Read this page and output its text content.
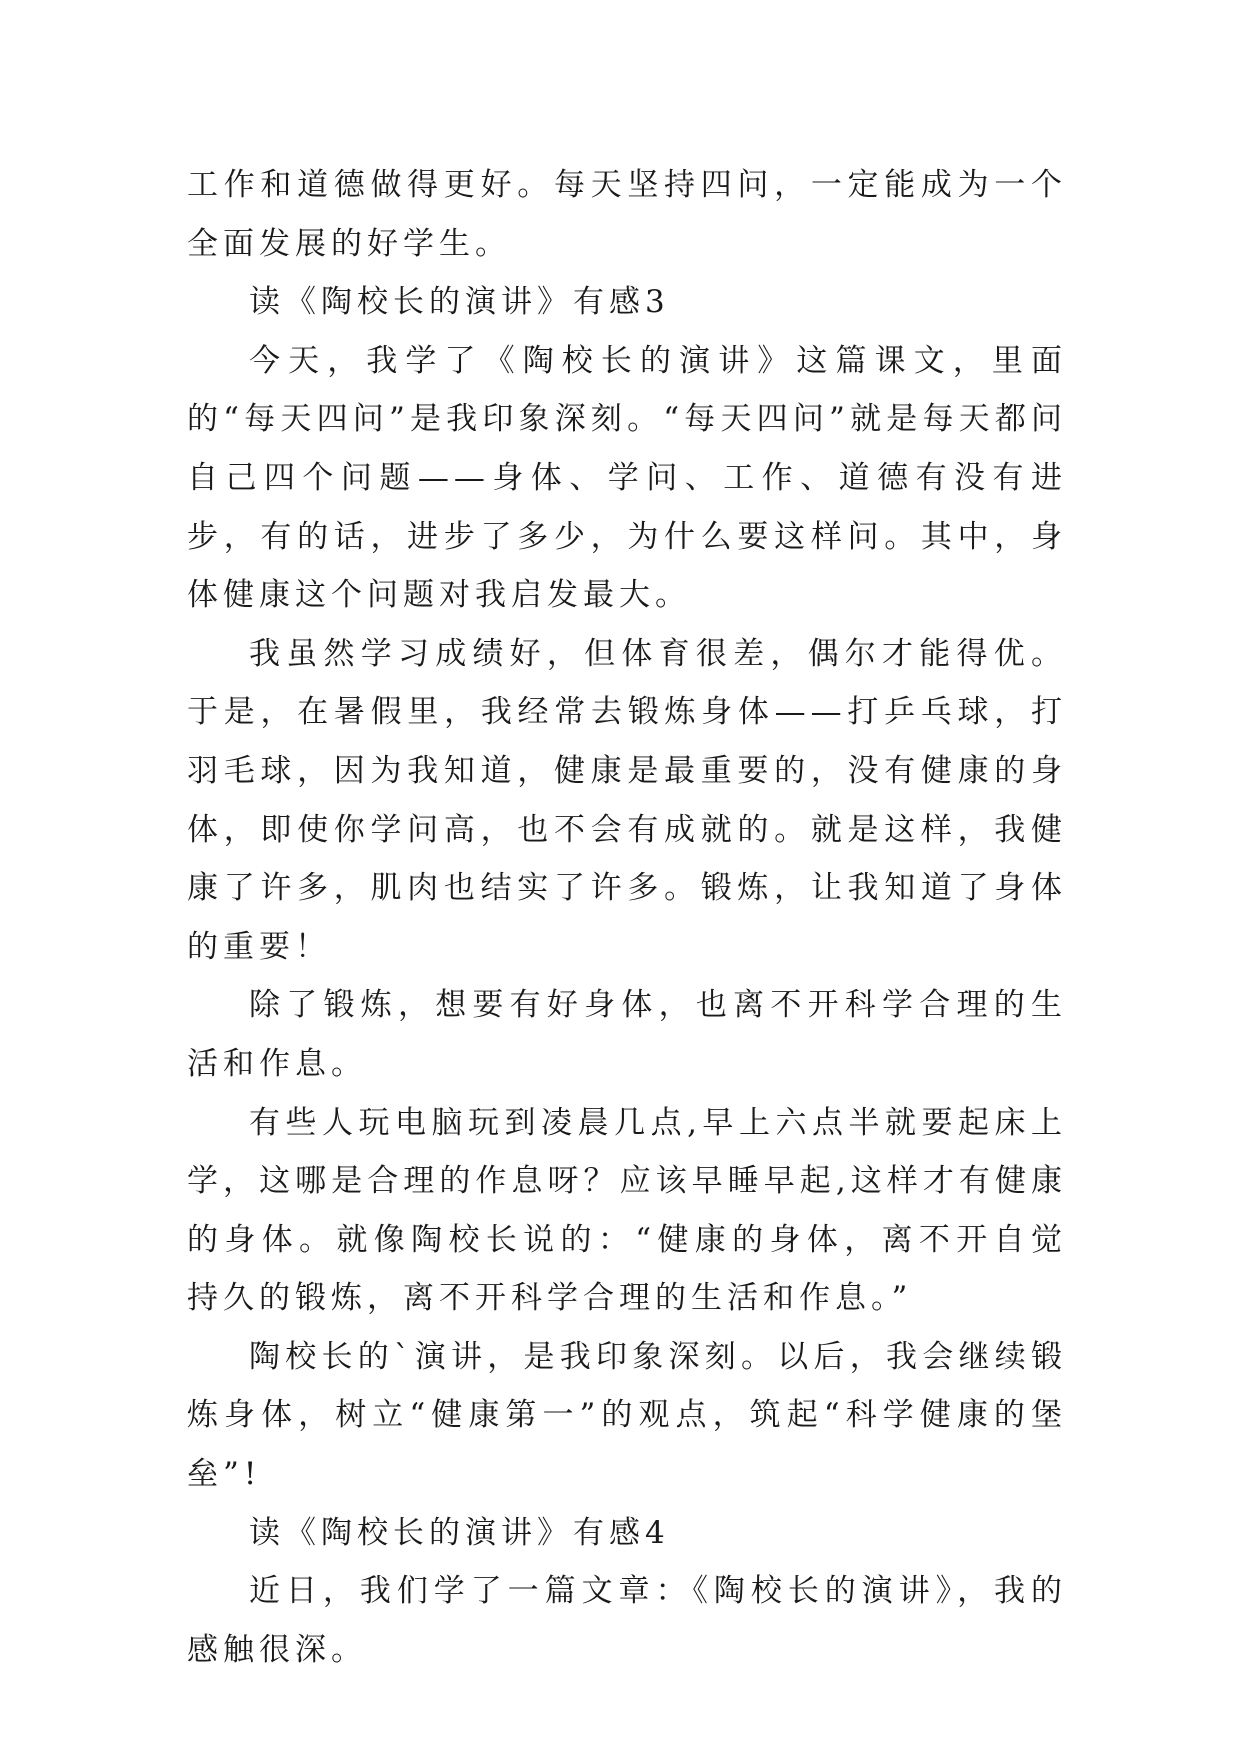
工作和道德做得更好。每天坚持四问，一定能成为一个全面发展的好学生。

读《陶校长的演讲》有感3

今天，我学了《陶校长的演讲》这篇课文，里面的“每天四问”是我印象深刻。“每天四问”就是每天都问自己四个问题——身体、学问、工作、道德有没有进步，有的话，进步了多少，为什么要这样问。其中，身体健康这个问题对我启发最大。

我虽然学习成绩好，但体育很差，偶尔才能得优。于是，在暑假里，我经常去锻炼身体——打乒乓球，打羽毛球，因为我知道，健康是最重要的，没有健康的身体，即使你学问高，也不会有成就的。就是这样，我健康了许多，肌肉也结实了许多。锻炼，让我知道了身体的重要！

除了锻炼，想要有好身体，也离不开科学合理的生活和作息。

有些人玩电脑玩到凌晨几点,早上六点半就要起床上学，这哪是合理的作息呀？应该早睡早起,这样才有健康的身体。就像陶校长说的：“健康的身体，离不开自觉持久的锻炼，离不开科学合理的生活和作息。”

陶校长的`演讲，是我印象深刻。以后，我会继续锻炼身体，树立“健康第一”的观点，筑起“科学健康的堡垒”!

读《陶校长的演讲》有感4

近日，我们学了一篇文章：《陶校长的演讲》，我的感触很深。
